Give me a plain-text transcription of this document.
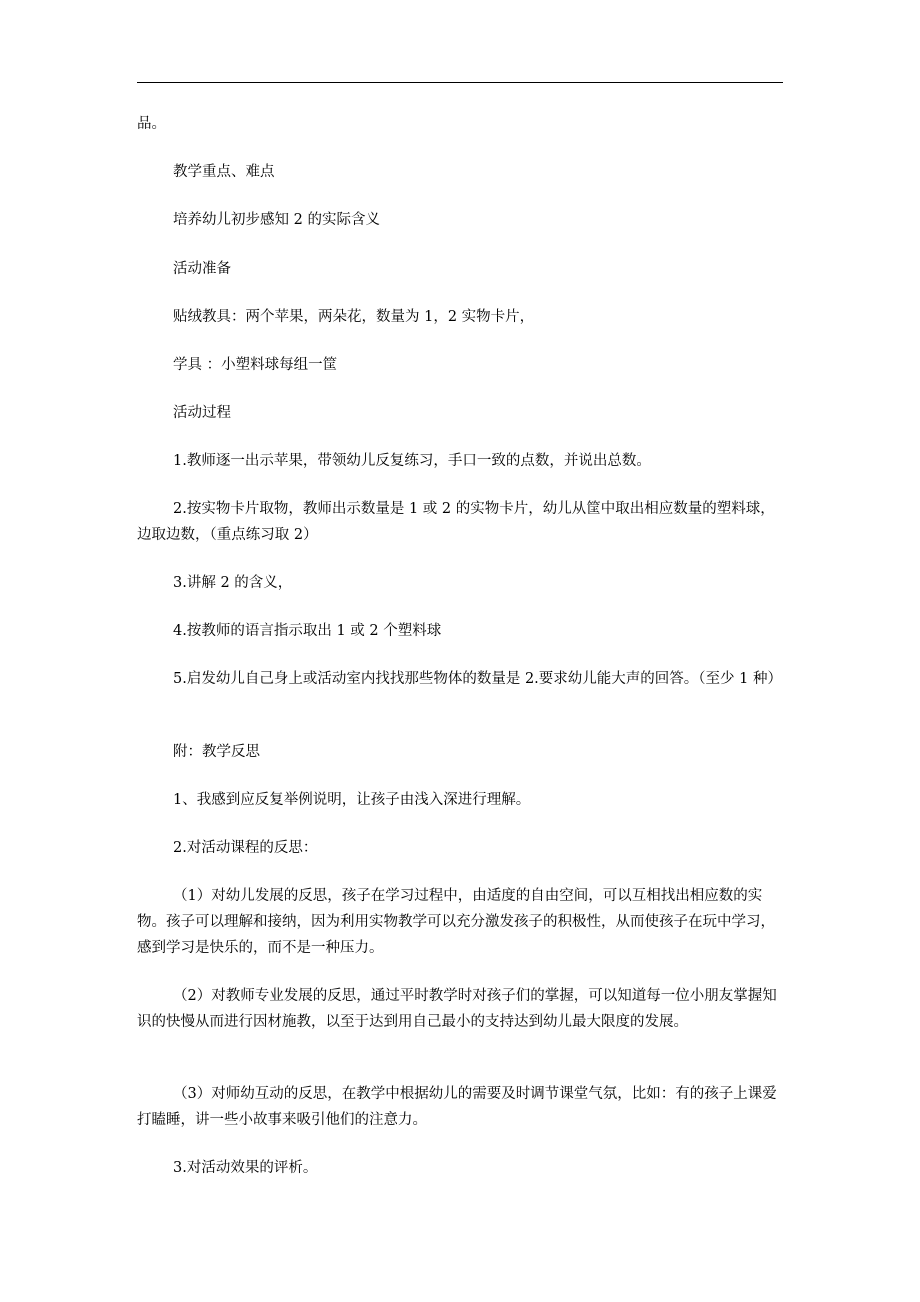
品。

教学重点、难点

培养幼儿初步感知 2 的实际含义

活动准备

贴绒教具：两个苹果，两朵花，数量为 1，2 实物卡片，

学具 ：小塑料球每组一筐

活动过程

1.教师逐一出示苹果，带领幼儿反复练习，手口一致的点数，并说出总数。

2.按实物卡片取物，教师出示数量是 1 或 2 的实物卡片，幼儿从筐中取出相应数量的塑料球，边取边数，（重点练习取 2）

3.讲解 2 的含义，

4.按教师的语言指示取出 1 或 2 个塑料球

5.启发幼儿自己身上或活动室内找找那些物体的数量是 2.要求幼儿能大声的回答。（至少 1 种）

附：教学反思

1、我感到应反复举例说明，让孩子由浅入深进行理解。

2.对活动课程的反思：

（1）对幼儿发展的反思，孩子在学习过程中，由适度的自由空间，可以互相找出相应数的实物。孩子可以理解和接纳，因为利用实物教学可以充分激发孩子的积极性，从而使孩子在玩中学习，感到学习是快乐的，而不是一种压力。

（2）对教师专业发展的反思，通过平时教学时对孩子们的掌握，可以知道每一位小朋友掌握知识的快慢从而进行因材施教，以至于达到用自己最小的支持达到幼儿最大限度的发展。

（3）对师幼互动的反思，在教学中根据幼儿的需要及时调节课堂气氛，比如：有的孩子上课爱打瞌睡，讲一些小故事来吸引他们的注意力。

3.对活动效果的评析。
